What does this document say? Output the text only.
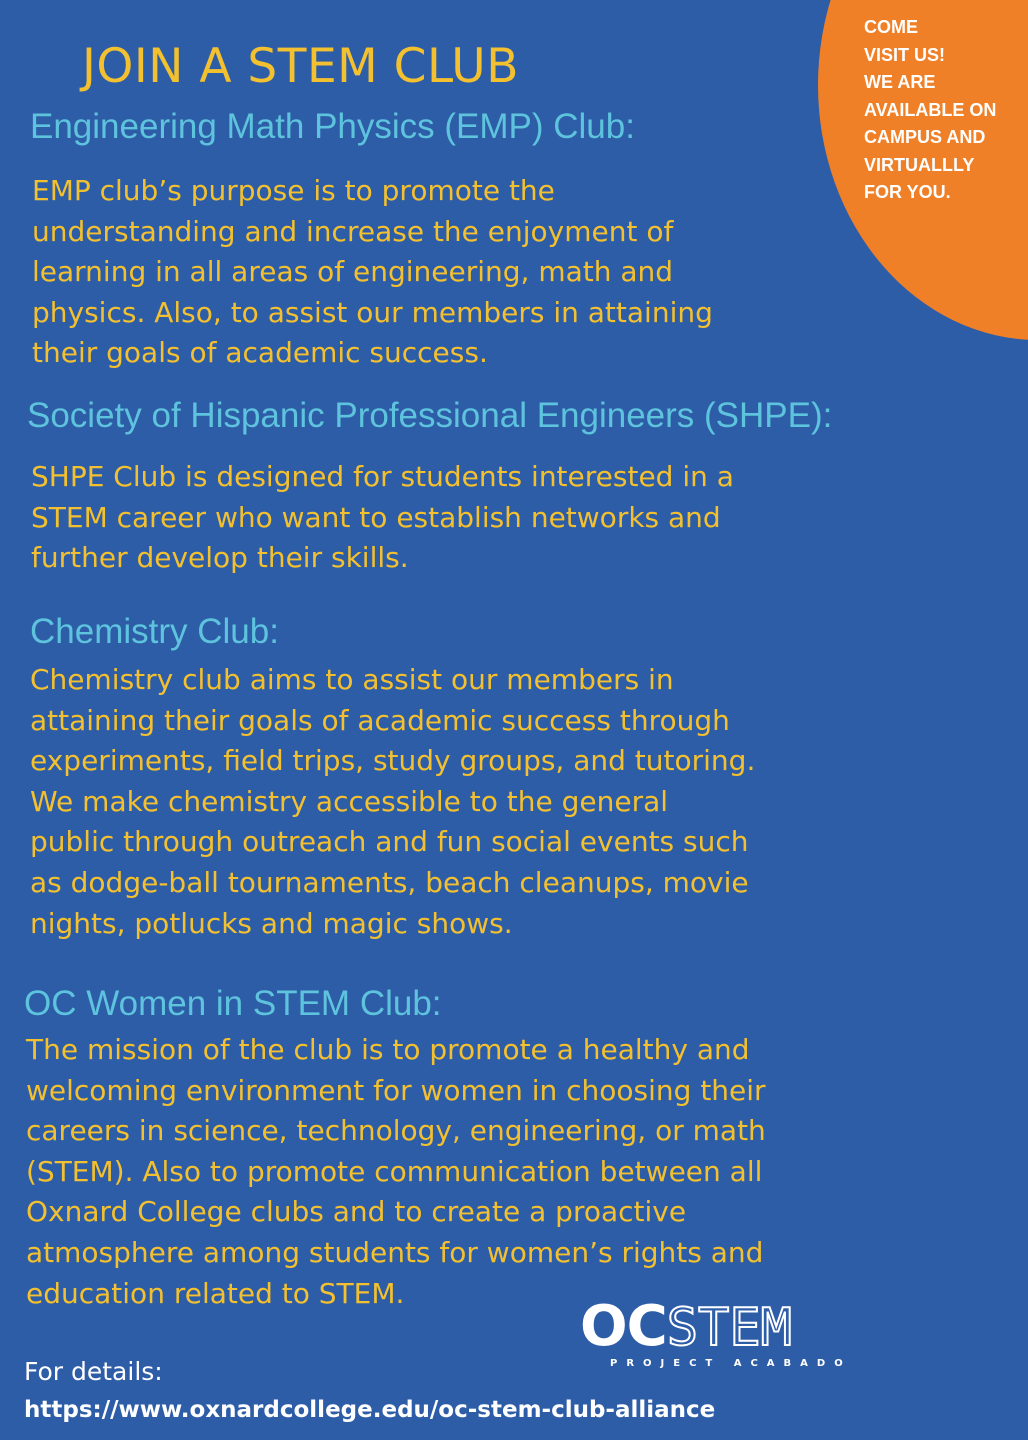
COME
VISIT US!
WE ARE
AVAILABLE ON
CAMPUS AND
VIRTUALLLY
FOR YOU.
JOIN A STEM CLUB
Engineering Math Physics (EMP) Club:

EMP club’s purpose is to promote the
understanding and increase the enjoyment of
learning in all areas of engineering, math and
physics. Also, to assist our members in attaining
their goals of academic success.

Society of Hispanic Professional Engineers (SHPE):

SHPE Club is designed for students interested in a
STEM career who want to establish networks and
further develop their skills.

Chemistry Club:

Chemistry club aims to assist our members in
attaining their goals of academic success through
experiments, field trips, study groups, and tutoring.
We make chemistry accessible to the general
public through outreach and fun social events such
as dodge-ball tournaments, beach cleanups, movie
nights, potlucks and magic shows.

OC Women in STEM Club:

The mission of the club is to promote a healthy and
welcoming environment for women in choosing their
careers in science, technology, engineering, or math
(STEM). Also to promote communication between all
Oxnard College clubs and to create a proactive
atmosphere among students for women’s rights and
education related to STEM.

OCSTEM
PROJECT ACABADO
For details:
https://www.oxnardcollege.edu/oc-stem-club-alliance
